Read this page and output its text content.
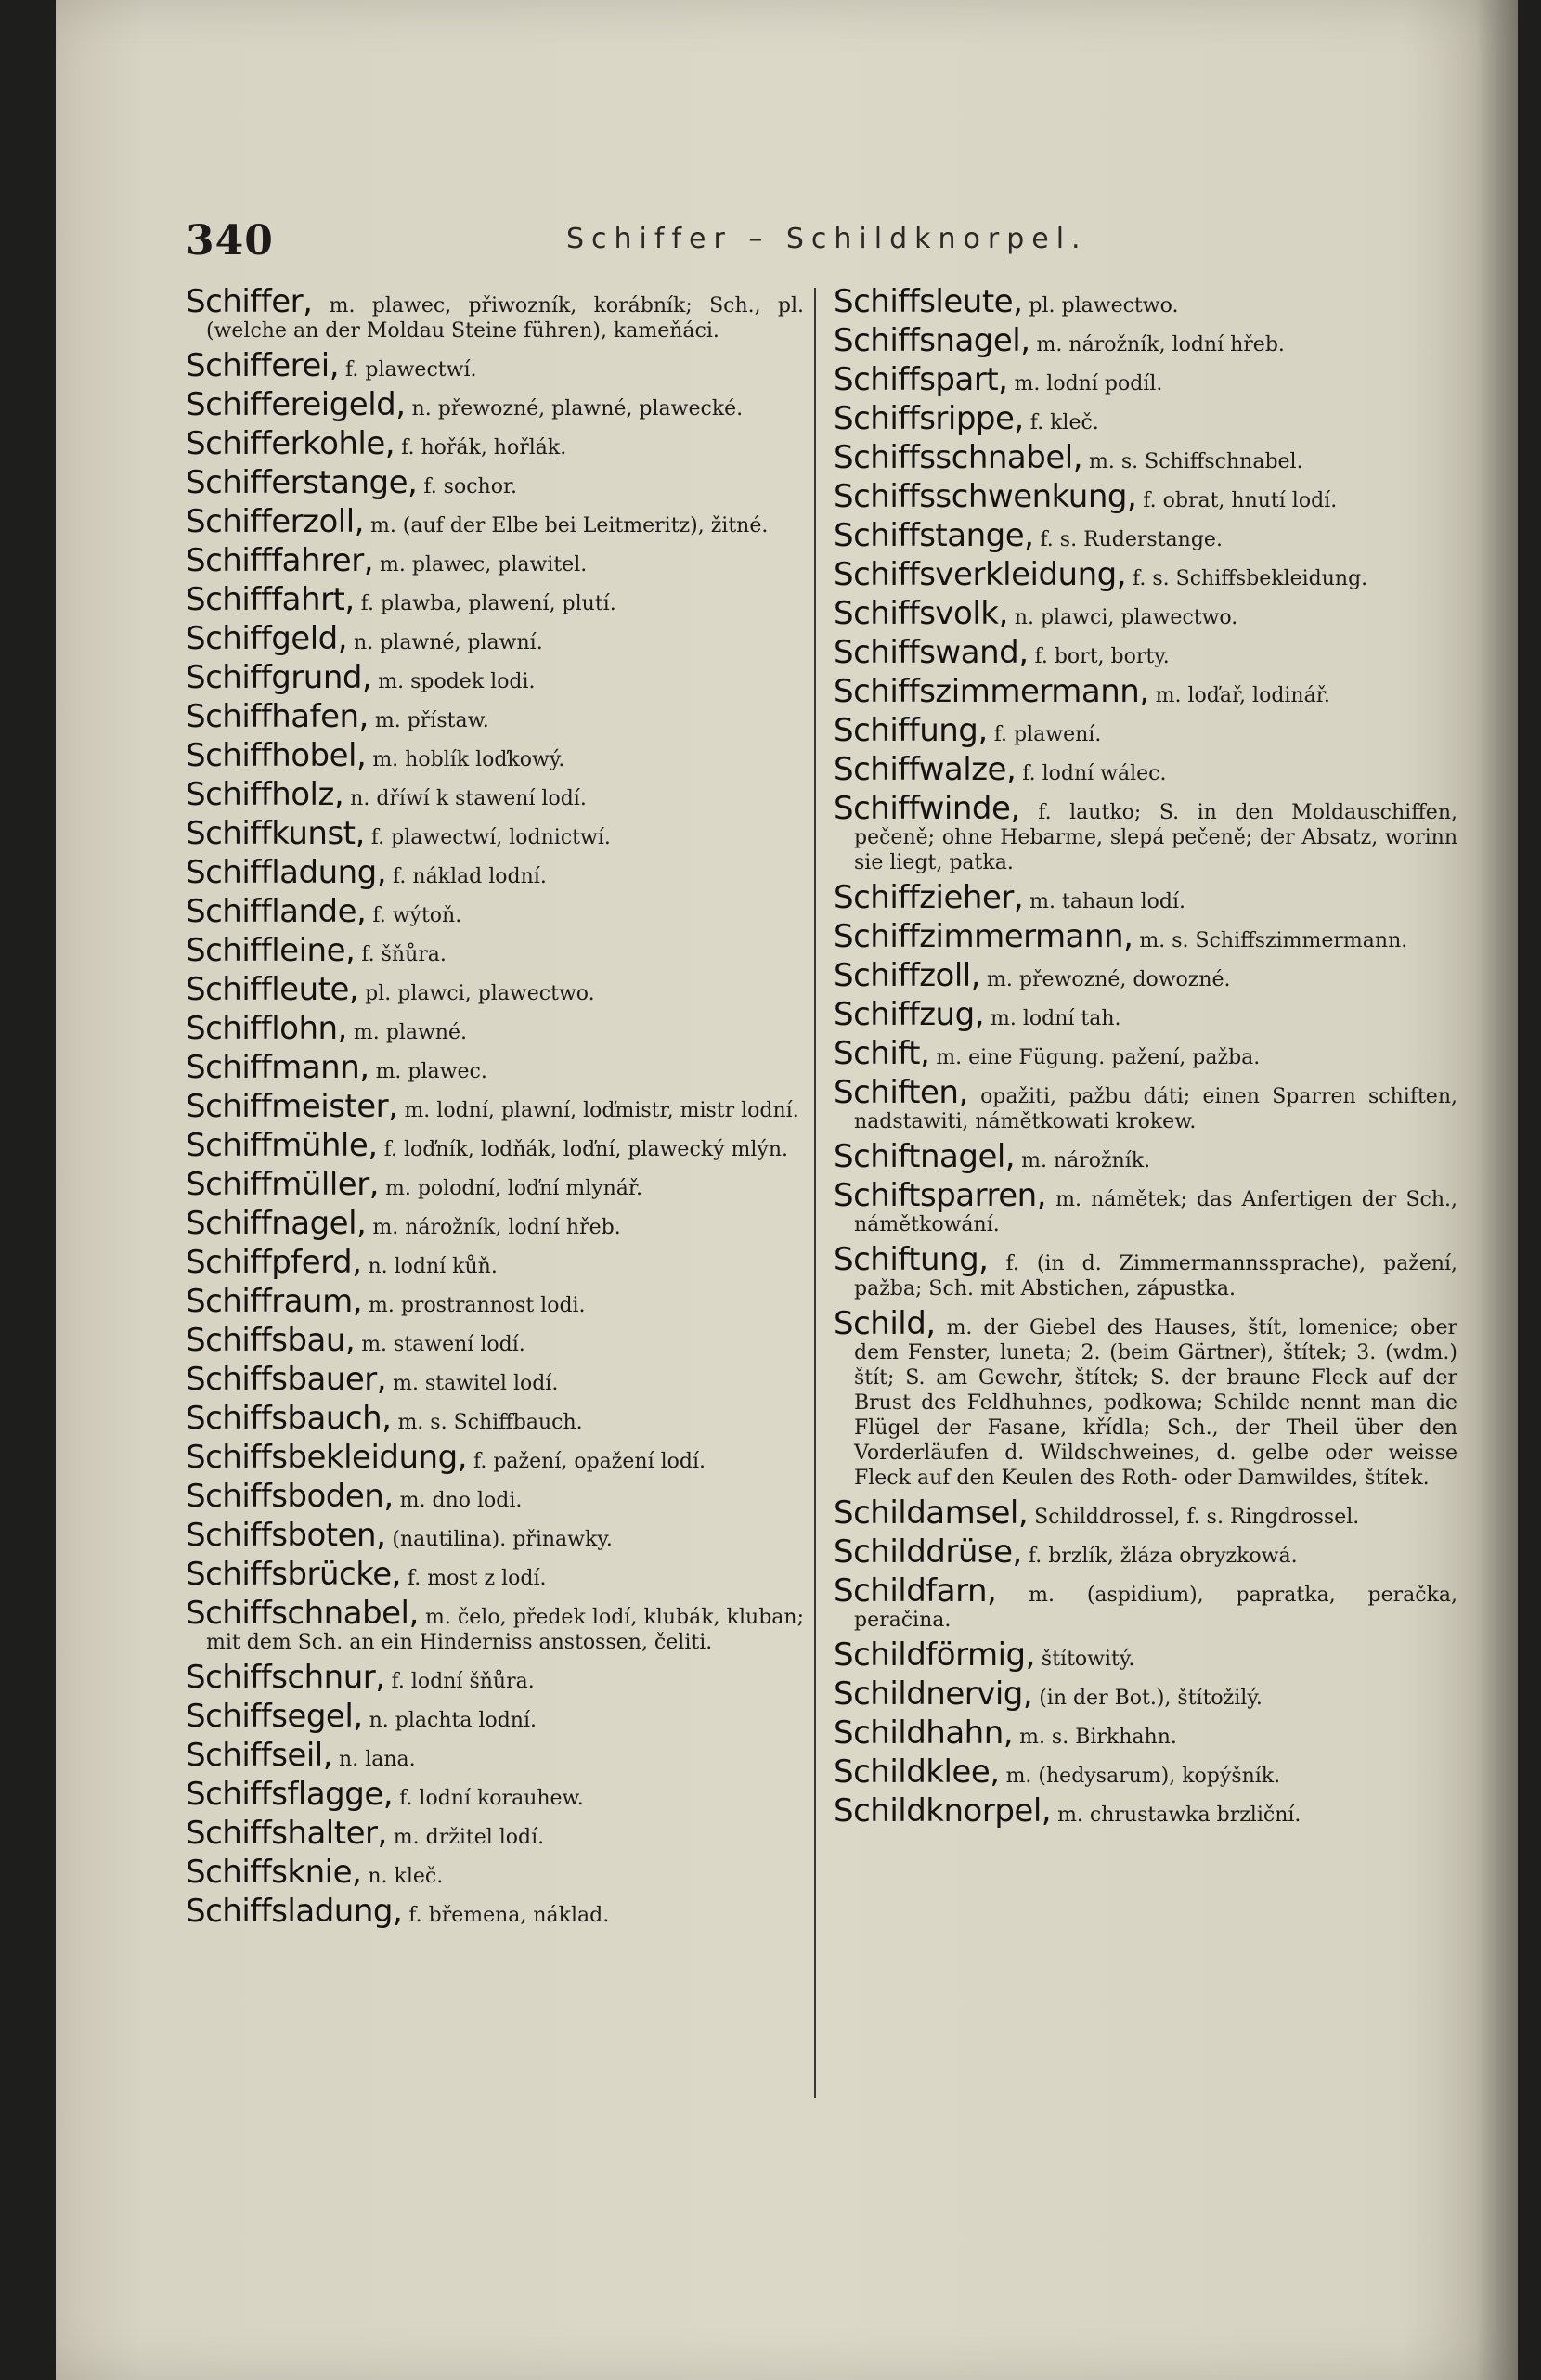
340	Schiffer – Schildknorpel.
Schiffer, m. plawec, přiwozník, korábník; Sch., pl. (welche an der Moldau Steine führen), kameňáci.
Schifferei, f. plawectwí.
Schiffereigeld, n. přewozné, plawné, plawecké.
Schifferkohle, f. hořák, hořlák.
Schifferstange, f. sochor.
Schifferzoll, m. (auf der Elbe bei Leitmeritz), žitné.
Schifffahrer, m. plawec, plawitel.
Schifffahrt, f. plawba, plawení, plutí.
Schiffgeld, n. plawné, plawní.
Schiffgrund, m. spodek lodi.
Schiffhafen, m. přístaw.
Schiffhobel, m. hoblík loďkowý.
Schiffholz, n. dříwí k stawení lodí.
Schiffkunst, f. plawectwí, lodnictwí.
Schiffladung, f. náklad lodní.
Schifflande, f. wýtoň.
Schiffleine, f. šňůra.
Schiffleute, pl. plawci, plawectwo.
Schifflohn, m. plawné.
Schiffmann, m. plawec.
Schiffmeister, m. lodní, plawní, loďmistr, mistr lodní.
Schiffmühle, f. loďník, lodňák, loďní, plawecký mlýn.
Schiffmüller, m. polodní, loďní mlynář.
Schiffnagel, m. nárožník, lodní hřeb.
Schiffpferd, n. lodní kůň.
Schiffraum, m. prostrannost lodi.
Schiffsbau, m. stawení lodí.
Schiffsbauer, m. stawitel lodí.
Schiffsbauch, m. s. Schiffbauch.
Schiffsbekleidung, f. pažení, opažení lodí.
Schiffsboden, m. dno lodi.
Schiffsboten, (nautilina). přinawky.
Schiffsbrücke, f. most z lodí.
Schiffschnabel, m. čelo, předek lodí, klubák, kluban; mit dem Sch. an ein Hinderniss anstossen, čeliti.
Schiffschnur, f. lodní šňůra.
Schiffsegel, n. plachta lodní.
Schiffseil, n. lana.
Schiffsflagge, f. lodní korauhew.
Schiffshalter, m. držitel lodí.
Schiffsknie, n. kleč.
Schiffsladung, f. břemena, náklad.
Schiffsleute, pl. plawectwo.
Schiffsnagel, m. nárožník, lodní hřeb.
Schiffspart, m. lodní podíl.
Schiffsrippe, f. kleč.
Schiffsschnabel, m. s. Schiffschnabel.
Schiffsschwenkung, f. obrat, hnutí lodí.
Schiffstange, f. s. Ruderstange.
Schiffsverkleidung, f. s. Schiffsbekleidung.
Schiffsvolk, n. plawci, plawectwo.
Schiffswand, f. bort, borty.
Schiffszimmermann, m. loďař, lodinář.
Schiffung, f. plawení.
Schiffwalze, f. lodní wálec.
Schiffwinde, f. lautko; S. in den Moldauschiffen, pečeně; ohne Hebarme, slepá pečeně; der Absatz, worinn sie liegt, patka.
Schiffzieher, m. tahaun lodí.
Schiffzimmermann, m. s. Schiffszimmermann.
Schiffzoll, m. přewozné, dowozné.
Schiffzug, m. lodní tah.
Schift, m. eine Fügung. pažení, pažba.
Schiften, opažiti, pažbu dáti; einen Sparren schiften, nadstawiti, námětkowati krokew.
Schiftnagel, m. nárožník.
Schiftsparren, m. námětek; das Anfertigen der Sch., námětkowání.
Schiftung, f. (in d. Zimmermannssprache), pažení, pažba; Sch. mit Abstichen, zápustka.
Schild, m. der Giebel des Hauses, štít, lomenice; ober dem Fenster, luneta; 2. (beim Gärtner), štítek; 3. (wdm.) štít; S. am Gewehr, štítek; S. der braune Fleck auf der Brust des Feldhuhnes, podkowa; Schilde nennt man die Flügel der Fasane, křídla; Sch., der Theil über den Vorderläufen d. Wildschweines, d. gelbe oder weisse Fleck auf den Keulen des Roth- oder Damwildes, štítek.
Schildamsel, Schilddrossel, f. s. Ringdrossel.
Schilddrüse, f. brzlík, žláza obryzkowá.
Schildfarn, m. (aspidium), papratka, peračka, peračina.
Schildförmig, štítowitý.
Schildnervig, (in der Bot.), štítožilý.
Schildhahn, m. s. Birkhahn.
Schildklee, m. (hedysarum), kopýšník.
Schildknorpel, m. chrustawka brzliční.
